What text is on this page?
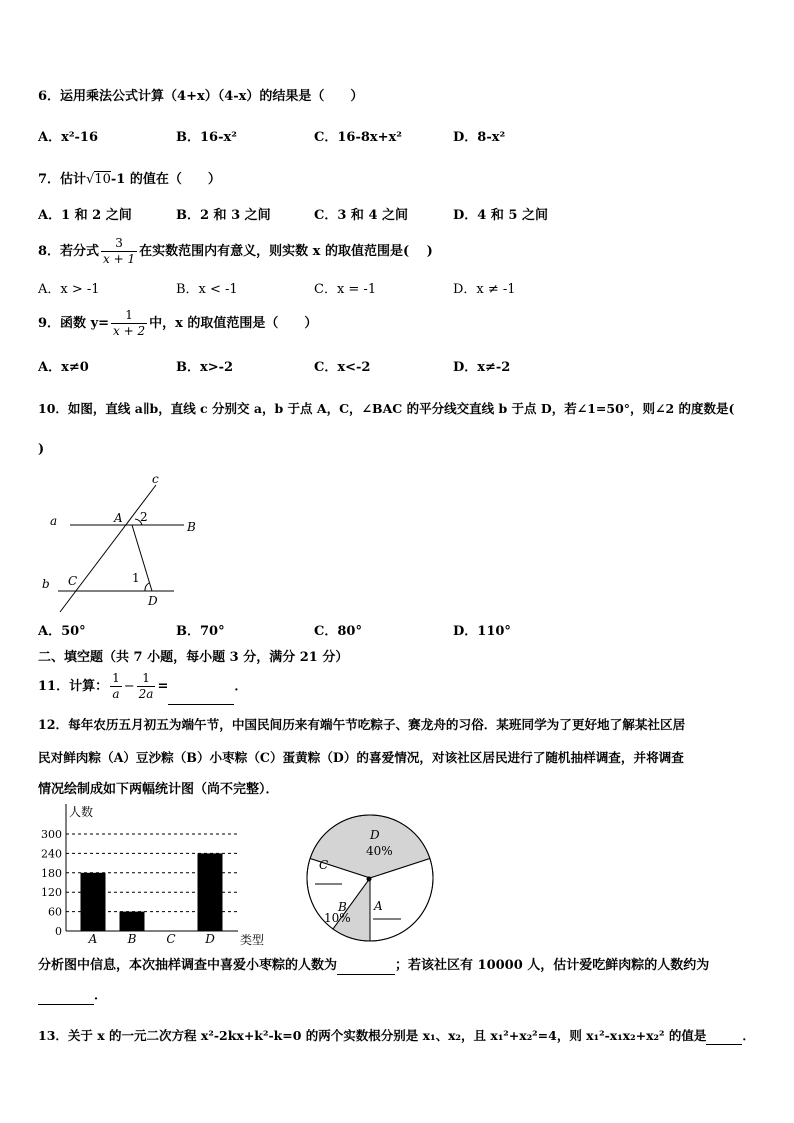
6．运用乘法公式计算（4+x）（4-x）的结果是（　　）
A．x²-16	B．16-x²	C．16-8x+x²	D．8-x²
7．估计√10-1 的值在（　　）
A．1 和 2 之间	B．2 和 3 之间	C．3 和 4 之间	D．4 和 5 之间
8．若分式 $\frac{3}{x + 1}$ 在实数范围内有意义，则实数 x 的取值范围是(　 )
A．x > -1	B．x < -1	C．x = -1	D．x ≠ -1
9．函数 $y= \frac{1}{x + 2}$ 中，x 的取值范围是（　　）
A．x≠0	B．x>-2	C．x<-2	D．x≠-2
10．如图，直线 a∥b，直线 c 分别交 a，b 于点 A，C，∠BAC 的平分线交直线 b 于点 D，若∠1=50°，则∠2 的度数是(
)
c
a	A 2
B
b C	1
D
A．50°	B．70°	C．80°	D．110°
二、填空题（共 7 小题，每小题 3 分，满分 21 分）
11．计算： $\frac{1}{a} - \frac{1}{2a}$ =	．
12．每年农历五月初五为端午节，中国民间历来有端午节吃粽子、赛龙舟的习俗．某班同学为了更好地了解某社区居
民对鲜肉粽（A）豆沙粽（B）小枣粽（C）蛋黄粽（D）的喜爱情况，对该社区居民进行了随机抽样调查，并将调查
情况绘制成如下两幅统计图（尚不完整）．
0
60
120
180
240
300
A	B C D
人数
类型
D
40%
C
A
B
10%
分析图中信息，本次抽样调查中喜爱小枣粽的人数为	；若该社区有 10000 人，估计爱吃鲜肉粽的人数约为
．
13．关于 x 的一元二次方程 x²-2kx+k²-k=0 的两个实数根分别是 x₁、x₂，且 x₁²+x₂²=4，则 x₁²-x₁x₂+x₂² 的值是	．
